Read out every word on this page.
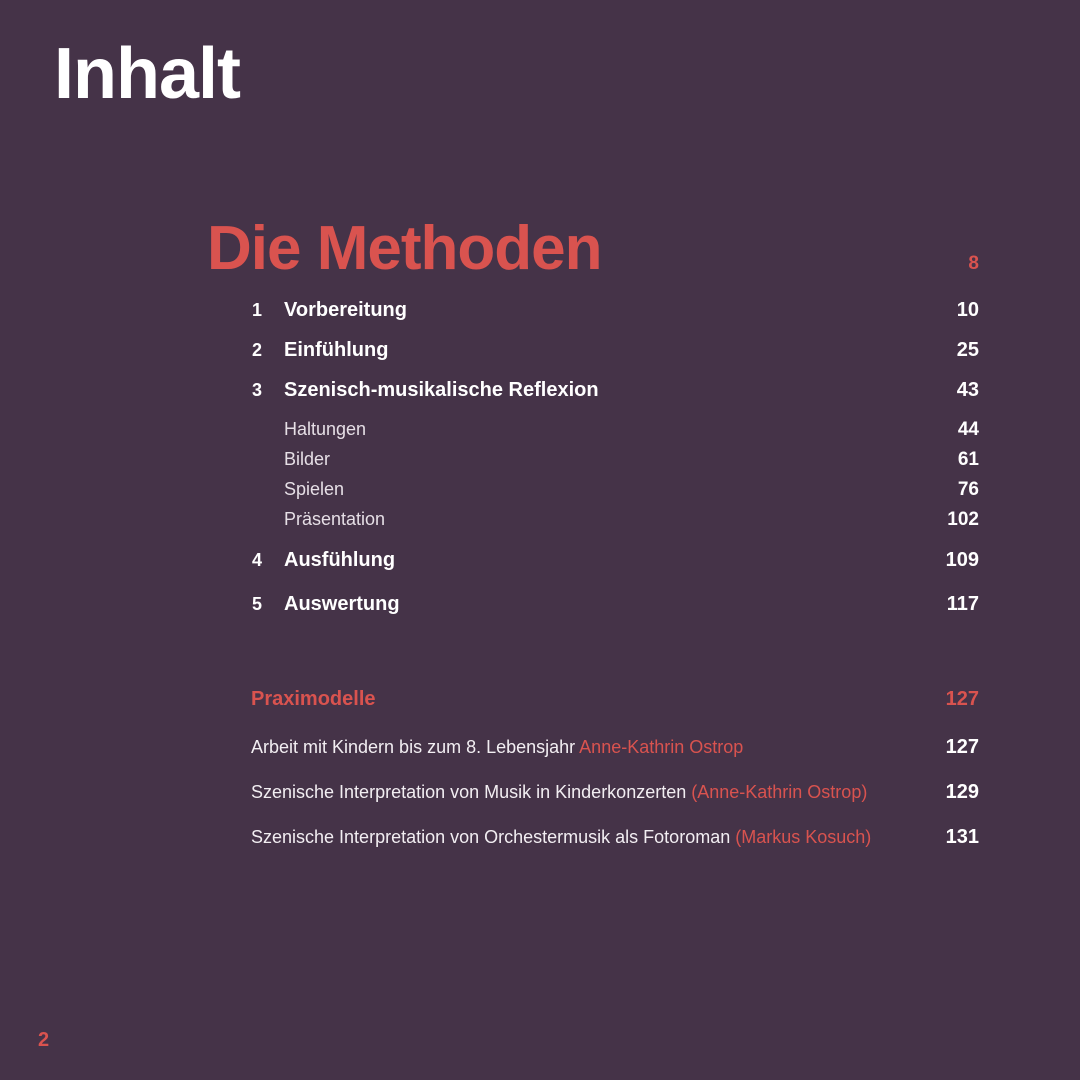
Inhalt
Die Methoden	8
1	Vorbereitung	10
2	Einfühlung	25
3	Szenisch-musikalische Reflexion	43
Haltungen	44
Bilder	61
Spielen	76
Präsentation	102
4	Ausfühlung	109
5	Auswertung	117
Praximodelle	127
Arbeit mit Kindern bis zum 8. Lebensjahr Anne-Kathrin Ostrop	127
Szenische Interpretation von Musik in Kinderkonzerten (Anne-Kathrin Ostrop)	129
Szenische Interpretation von Orchestermusik als Fotoroman (Markus Kosuch)	131
2
